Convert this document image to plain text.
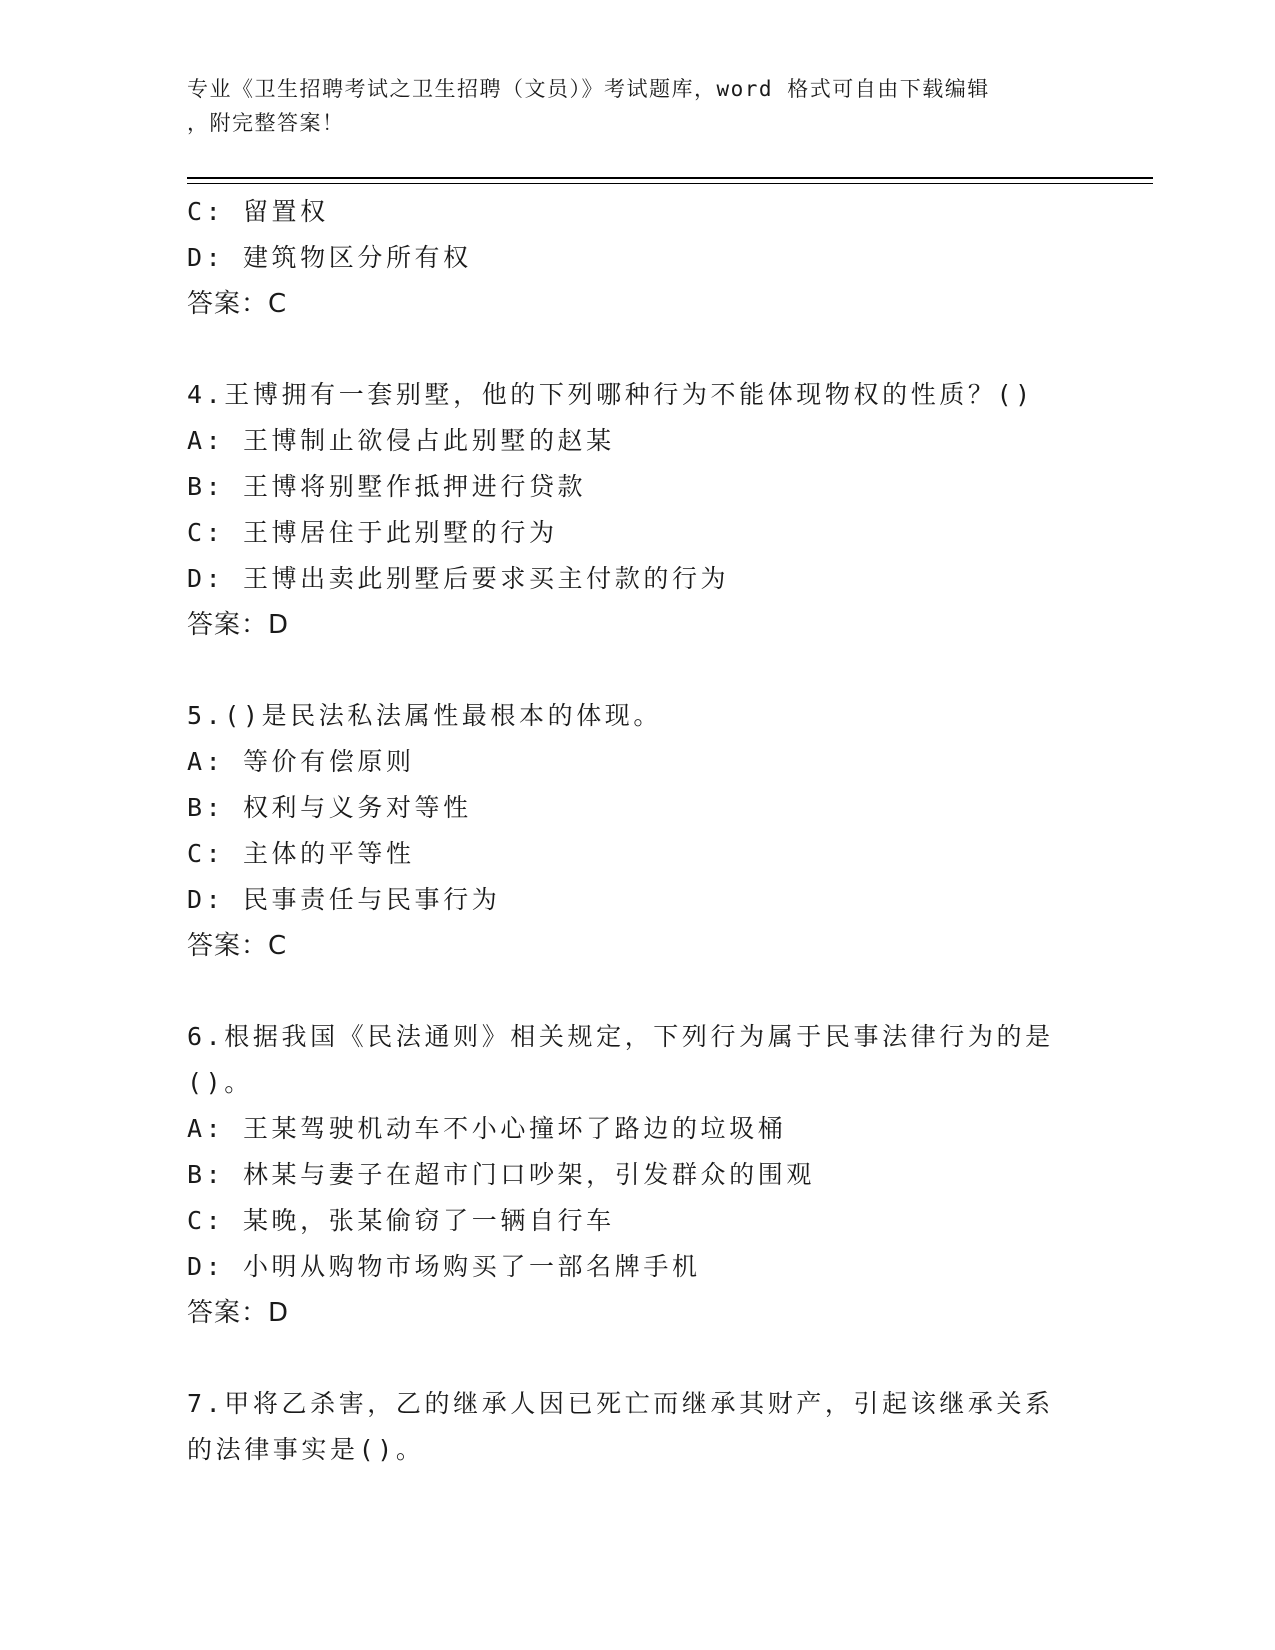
专业《卫生招聘考试之卫生招聘（文员）》考试题库，word 格式可自由下载编辑
，附完整答案！
C: 留置权
D: 建筑物区分所有权
答案：C
4.王博拥有一套别墅，他的下列哪种行为不能体现物权的性质？()
A: 王博制止欲侵占此别墅的赵某
B: 王博将别墅作抵押进行贷款
C: 王博居住于此别墅的行为
D: 王博出卖此别墅后要求买主付款的行为
答案：D
5.()是民法私法属性最根本的体现。
A: 等价有偿原则
B: 权利与义务对等性
C: 主体的平等性
D: 民事责任与民事行为
答案：C
6.根据我国《民法通则》相关规定，下列行为属于民事法律行为的是
()。
A: 王某驾驶机动车不小心撞坏了路边的垃圾桶
B: 林某与妻子在超市门口吵架，引发群众的围观
C: 某晚，张某偷窃了一辆自行车
D: 小明从购物市场购买了一部名牌手机
答案：D
7.甲将乙杀害，乙的继承人因已死亡而继承其财产，引起该继承关系
的法律事实是()。
